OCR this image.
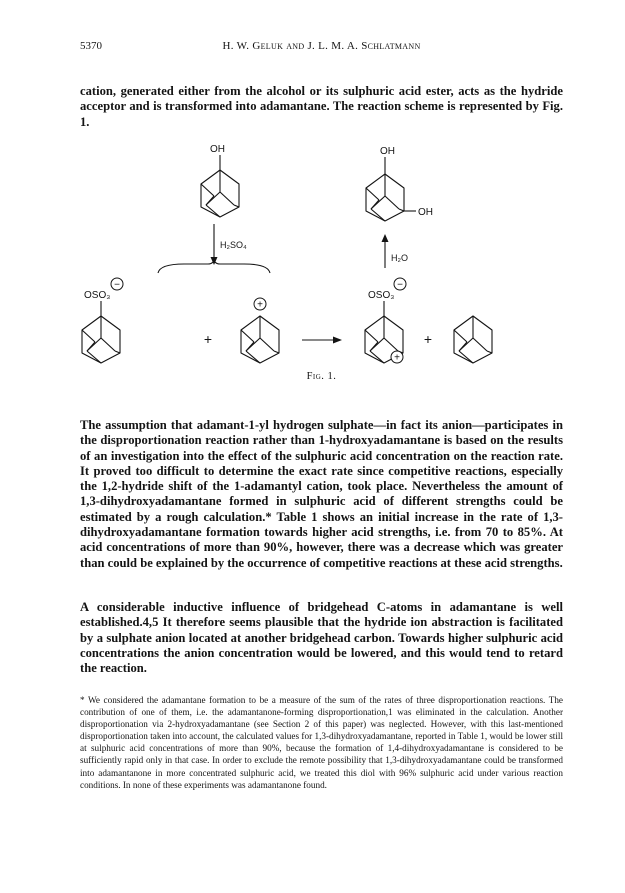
5370	H. W. Geluk and J. L. M. A. Schlatmann

cation, generated either from the alcohol or its sulphuric acid ester, acts as the hydride acceptor and is transformed into adamantane. The reaction scheme is represented by Fig. 1.

OH	OH
OH
H₂SO₄
H₂O
OSO₃
−
+
+
OSO₃
−
+
+
Fig. 1.

The assumption that adamant-1-yl hydrogen sulphate—in fact its anion—participates in the disproportionation reaction rather than 1-hydroxyadamantane is based on the results of an investigation into the effect of the sulphuric acid concentration on the reaction rate. It proved too difficult to determine the exact rate since competitive reactions, especially the 1,2-hydride shift of the 1-adamantyl cation, took place. Nevertheless the amount of 1,3-dihydroxyadamantane formed in sulphuric acid of different strengths could be estimated by a rough calculation.* Table 1 shows an initial increase in the rate of 1,3-dihydroxyadamantane formation towards higher acid strengths, i.e. from 70 to 85%. At acid concentrations of more than 90%, however, there was a decrease which was greater than could be explained by the occurrence of competitive reactions at these acid strengths.

A considerable inductive influence of bridgehead C-atoms in adamantane is well established.4,5 It therefore seems plausible that the hydride ion abstraction is facilitated by a sulphate anion located at another bridgehead carbon. Towards higher sulphuric acid concentrations the anion concentration would be lowered, and this would tend to retard the reaction.

* We considered the adamantane formation to be a measure of the sum of the rates of three disproportionation reactions. The contribution of one of them, i.e. the adamantanone-forming disproportionation,1 was eliminated in the calculation. Another disproportionation via 2-hydroxyadamantane (see Section 2 of this paper) was neglected. However, with this last-mentioned disproportionation taken into account, the calculated values for 1,3-dihydroxyadamantane, reported in Table 1, would be lower still at sulphuric acid concentrations of more than 90%, because the formation of 1,4-dihydroxyadamantane is considered to be sufficiently rapid only in that case. In order to exclude the remote possibility that 1,3-dihydroxyadamantane could be transformed into adamantanone in more concentrated sulphuric acid, we treated this diol with 96% sulphuric acid under various reaction conditions. In none of these experiments was adamantanone found.
